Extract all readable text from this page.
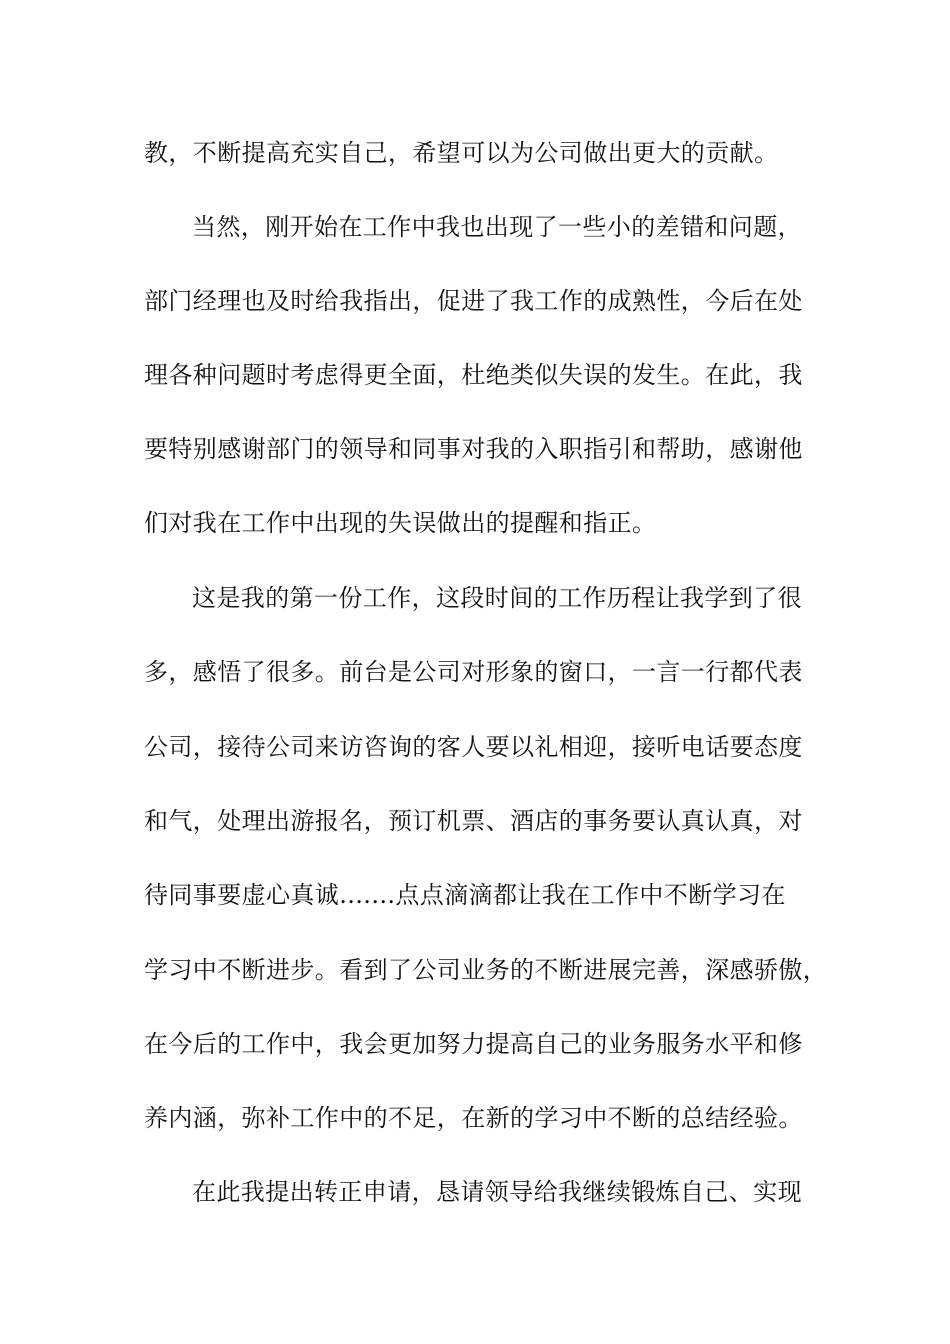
教，不断提高充实自己，希望可以为公司做出更大的贡献。
当然，刚开始在工作中我也出现了一些小的差错和问题，
部门经理也及时给我指出，促进了我工作的成熟性，今后在处
理各种问题时考虑得更全面，杜绝类似失误的发生。在此，我
要特别感谢部门的领导和同事对我的入职指引和帮助，感谢他
们对我在工作中出现的失误做出的提醒和指正。
这是我的第一份工作，这段时间的工作历程让我学到了很
多，感悟了很多。前台是公司对形象的窗口，一言一行都代表
公司，接待公司来访咨询的客人要以礼相迎，接听电话要态度
和气，处理出游报名，预订机票、酒店的事务要认真认真，对
待同事要虚心真诚.......点点滴滴都让我在工作中不断学习在
学习中不断进步。看到了公司业务的不断进展完善，深感骄傲，
在今后的工作中，我会更加努力提高自己的业务服务水平和修
养内涵，弥补工作中的不足，在新的学习中不断的总结经验。
在此我提出转正申请，恳请领导给我继续锻炼自己、实现
